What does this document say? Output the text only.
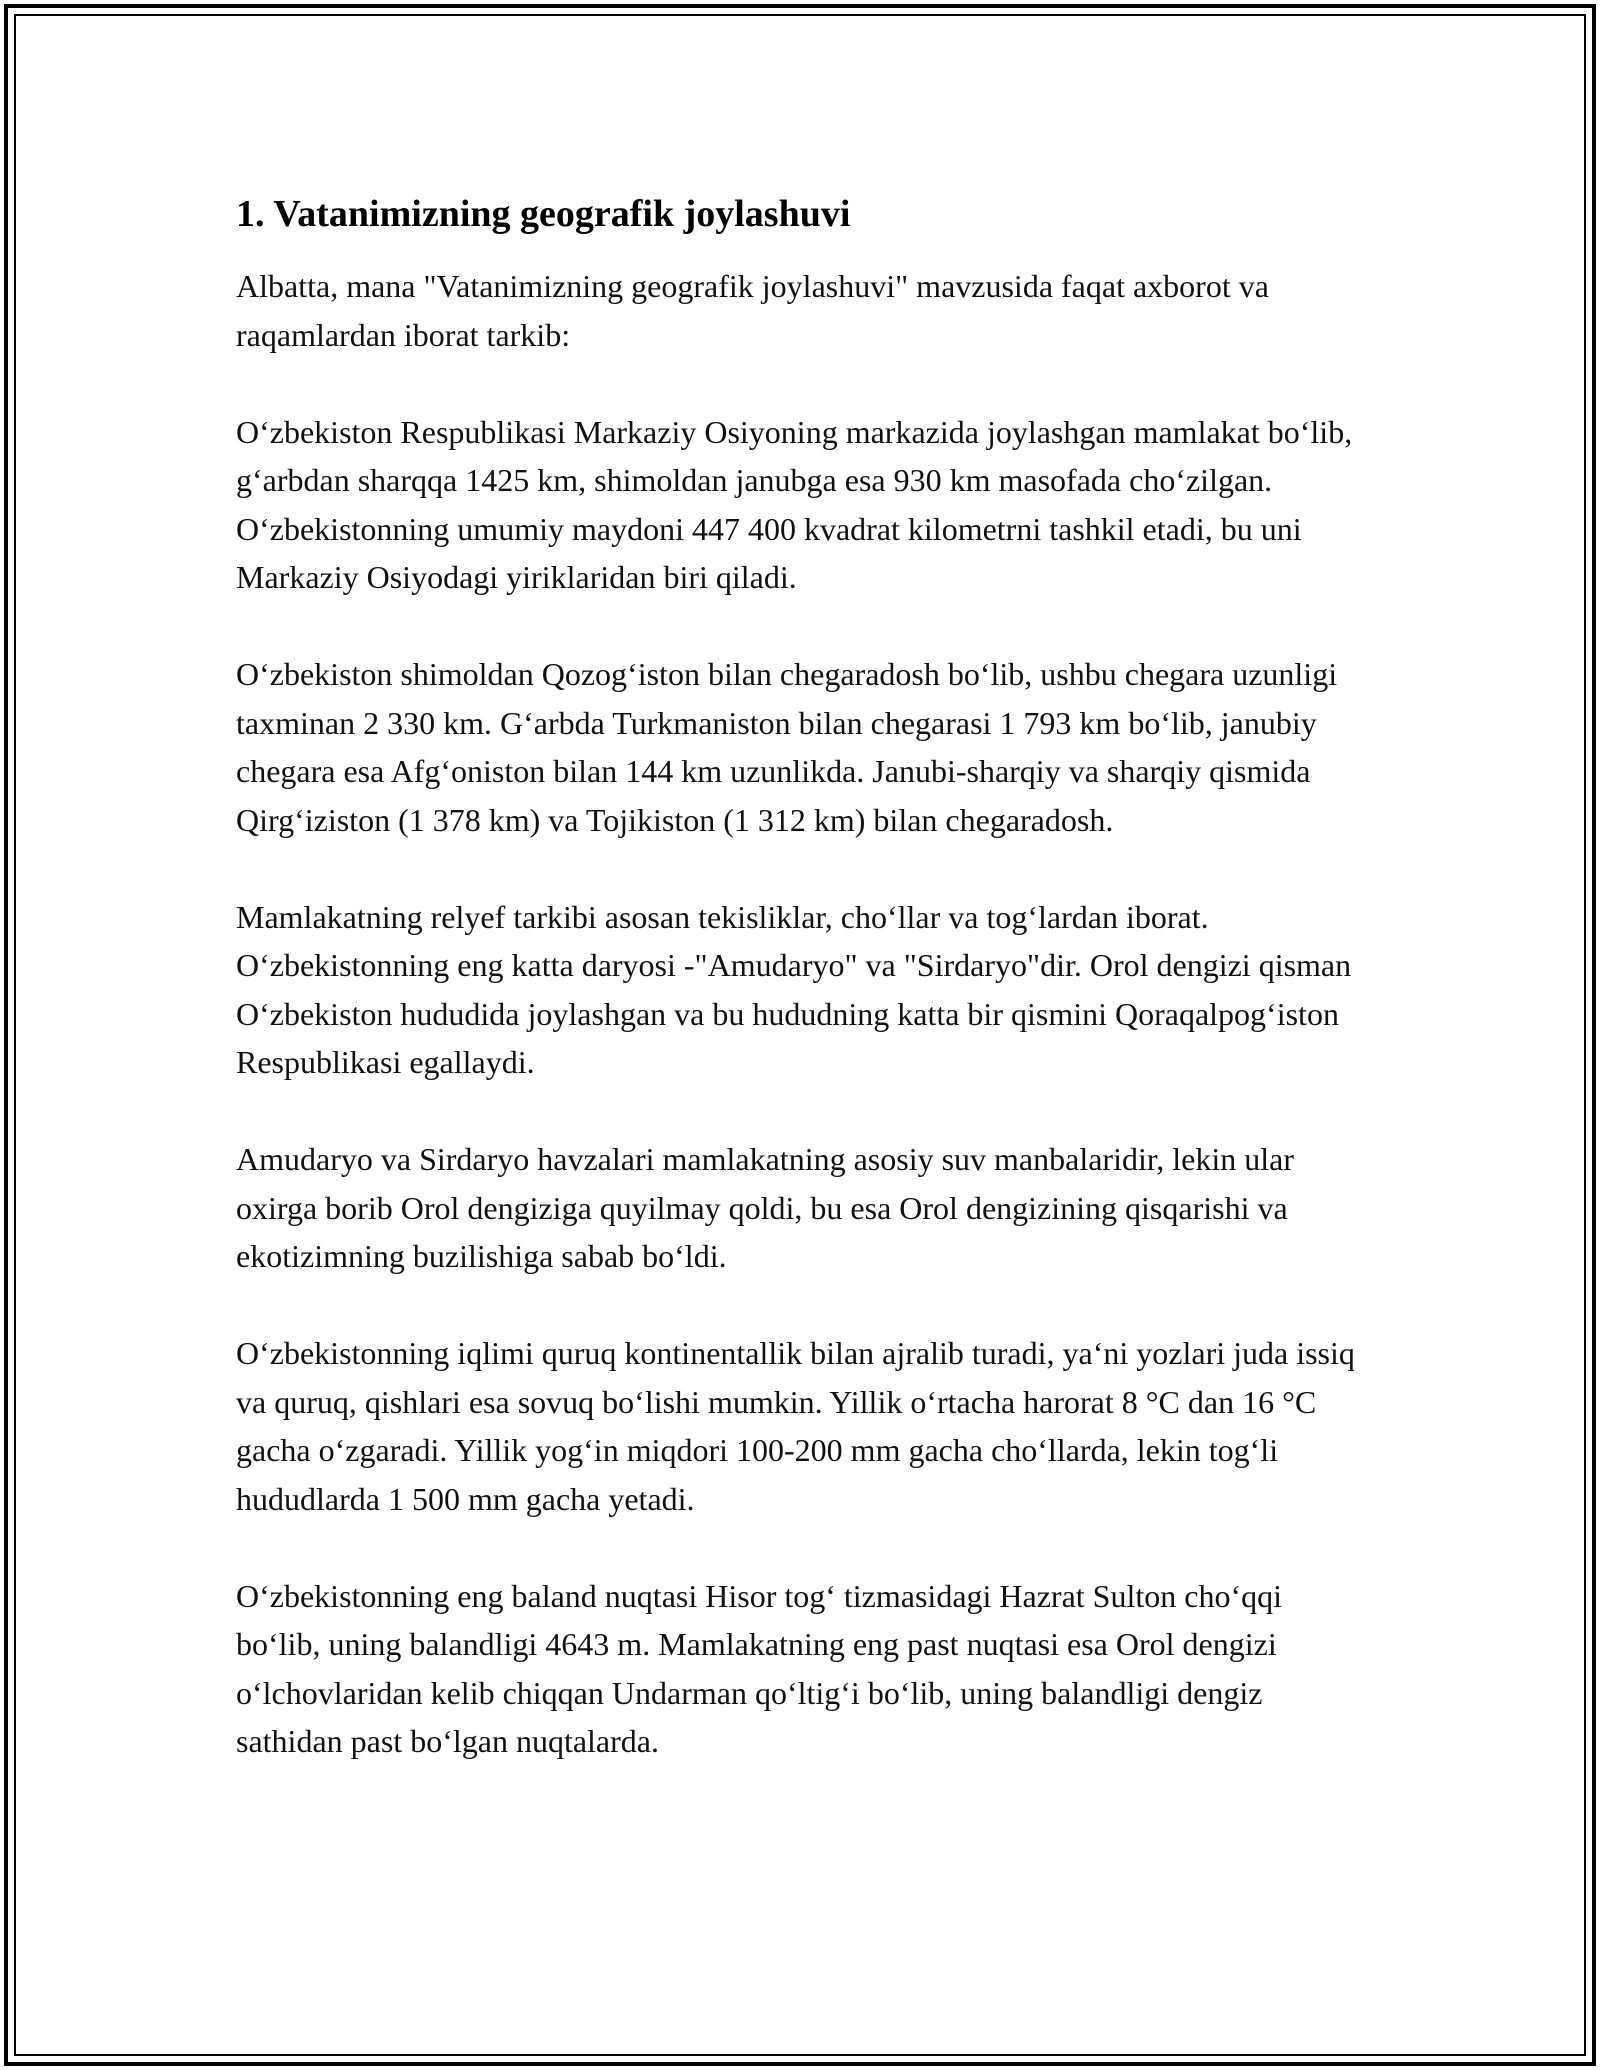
1. Vatanimizning geografik joylashuvi

Albatta, mana "Vatanimizning geografik joylashuvi" mavzusida faqat axborot va raqamlardan iborat tarkib:

O‘zbekiston Respublikasi Markaziy Osiyoning markazida joylashgan mamlakat bo‘lib, g‘arbdan sharqqa 1425 km, shimoldan janubga esa 930 km masofada cho‘zilgan. O‘zbekistonning umumiy maydoni 447 400 kvadrat kilometrni tashkil etadi, bu uni Markaziy Osiyodagi yiriklaridan biri qiladi.

O‘zbekiston shimoldan Qozog‘iston bilan chegaradosh bo‘lib, ushbu chegara uzunligi taxminan 2 330 km. G‘arbda Turkmaniston bilan chegarasi 1 793 km bo‘lib, janubiy chegara esa Afg‘oniston bilan 144 km uzunlikda. Janubi-sharqiy va sharqiy qismida Qirg‘iziston (1 378 km) va Tojikiston (1 312 km) bilan chegaradosh.

Mamlakatning relyef tarkibi asosan tekisliklar, cho‘llar va tog‘lardan iborat. O‘zbekistonning eng katta daryosi -"Amudaryo" va "Sirdaryo"dir. Orol dengizi qisman O‘zbekiston hududida joylashgan va bu hududning katta bir qismini Qoraqalpog‘iston Respublikasi egallaydi.

Amudaryo va Sirdaryo havzalari mamlakatning asosiy suv manbalaridir, lekin ular oxirga borib Orol dengiziga quyilmay qoldi, bu esa Orol dengizining qisqarishi va ekotizimning buzilishiga sabab bo‘ldi.

O‘zbekistonning iqlimi quruq kontinentallik bilan ajralib turadi, ya‘ni yozlari juda issiq va quruq, qishlari esa sovuq bo‘lishi mumkin. Yillik o‘rtacha harorat 8 °C dan 16 °C gacha o‘zgaradi. Yillik yog‘in miqdori 100-200 mm gacha cho‘llarda, lekin tog‘li hududlarda 1 500 mm gacha yetadi.

O‘zbekistonning eng baland nuqtasi Hisor tog‘ tizmasidagi Hazrat Sulton cho‘qqi bo‘lib, uning balandligi 4643 m. Mamlakatning eng past nuqtasi esa Orol dengizi o‘lchovlaridan kelib chiqqan Undarman qo‘ltig‘i bo‘lib, uning balandligi dengiz sathidan past bo‘lgan nuqtalarda.
